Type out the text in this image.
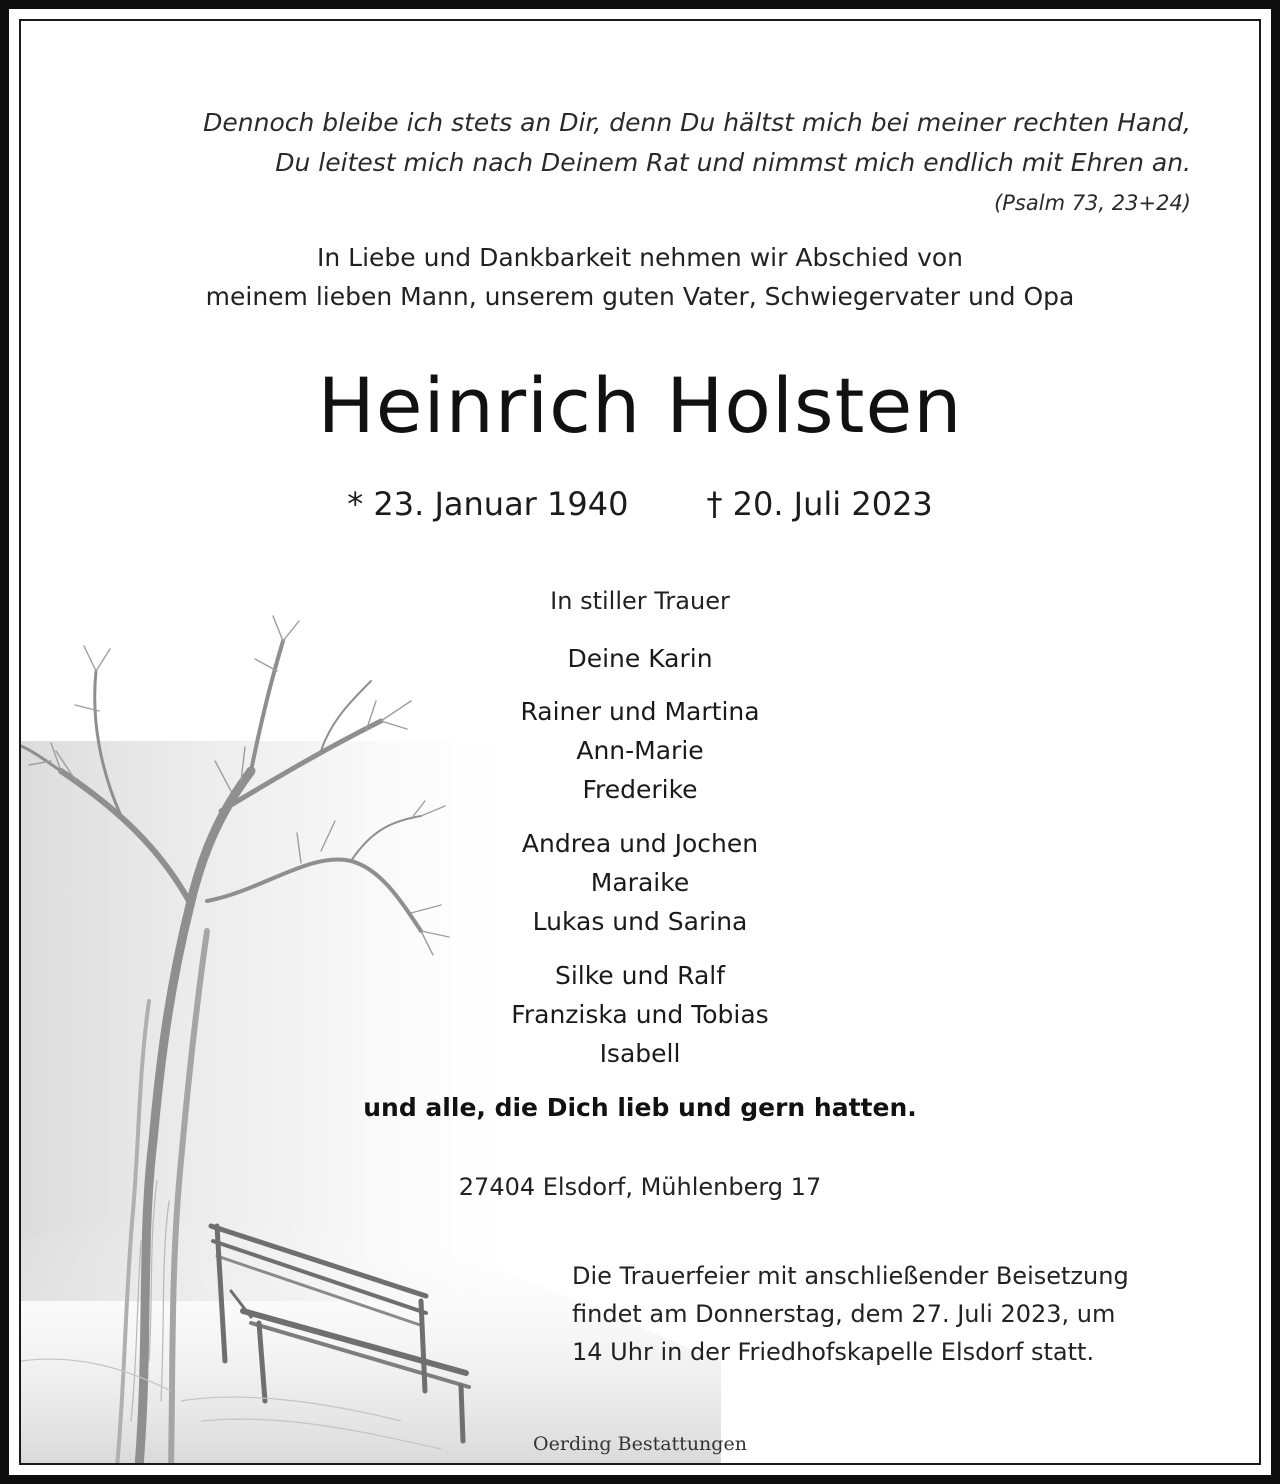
Dennoch bleibe ich stets an Dir, denn Du hältst mich bei meiner rechten Hand,

Du leitest mich nach Deinem Rat und nimmst mich endlich mit Ehren an.

(Psalm 73, 23+24)

In Liebe und Dankbarkeit nehmen wir Abschied von

meinem lieben Mann, unserem guten Vater, Schwiegervater und Opa

Heinrich Holsten

* 23. Januar 1940 † 20. Juli 2023

In stiller Trauer

Deine Karin
Rainer und Martina
Ann-Marie
Frederike
Andrea und Jochen
Maraike
Lukas und Sarina
Silke und Ralf
Franziska und Tobias
Isabell

und alle, die Dich lieb und gern hatten.

27404 Elsdorf, Mühlenberg 17

Die Trauerfeier mit anschließender Beisetzung
findet am Donnerstag, dem 27. Juli 2023, um
14 Uhr in der Friedhofskapelle Elsdorf statt.

Oerding Bestattungen
